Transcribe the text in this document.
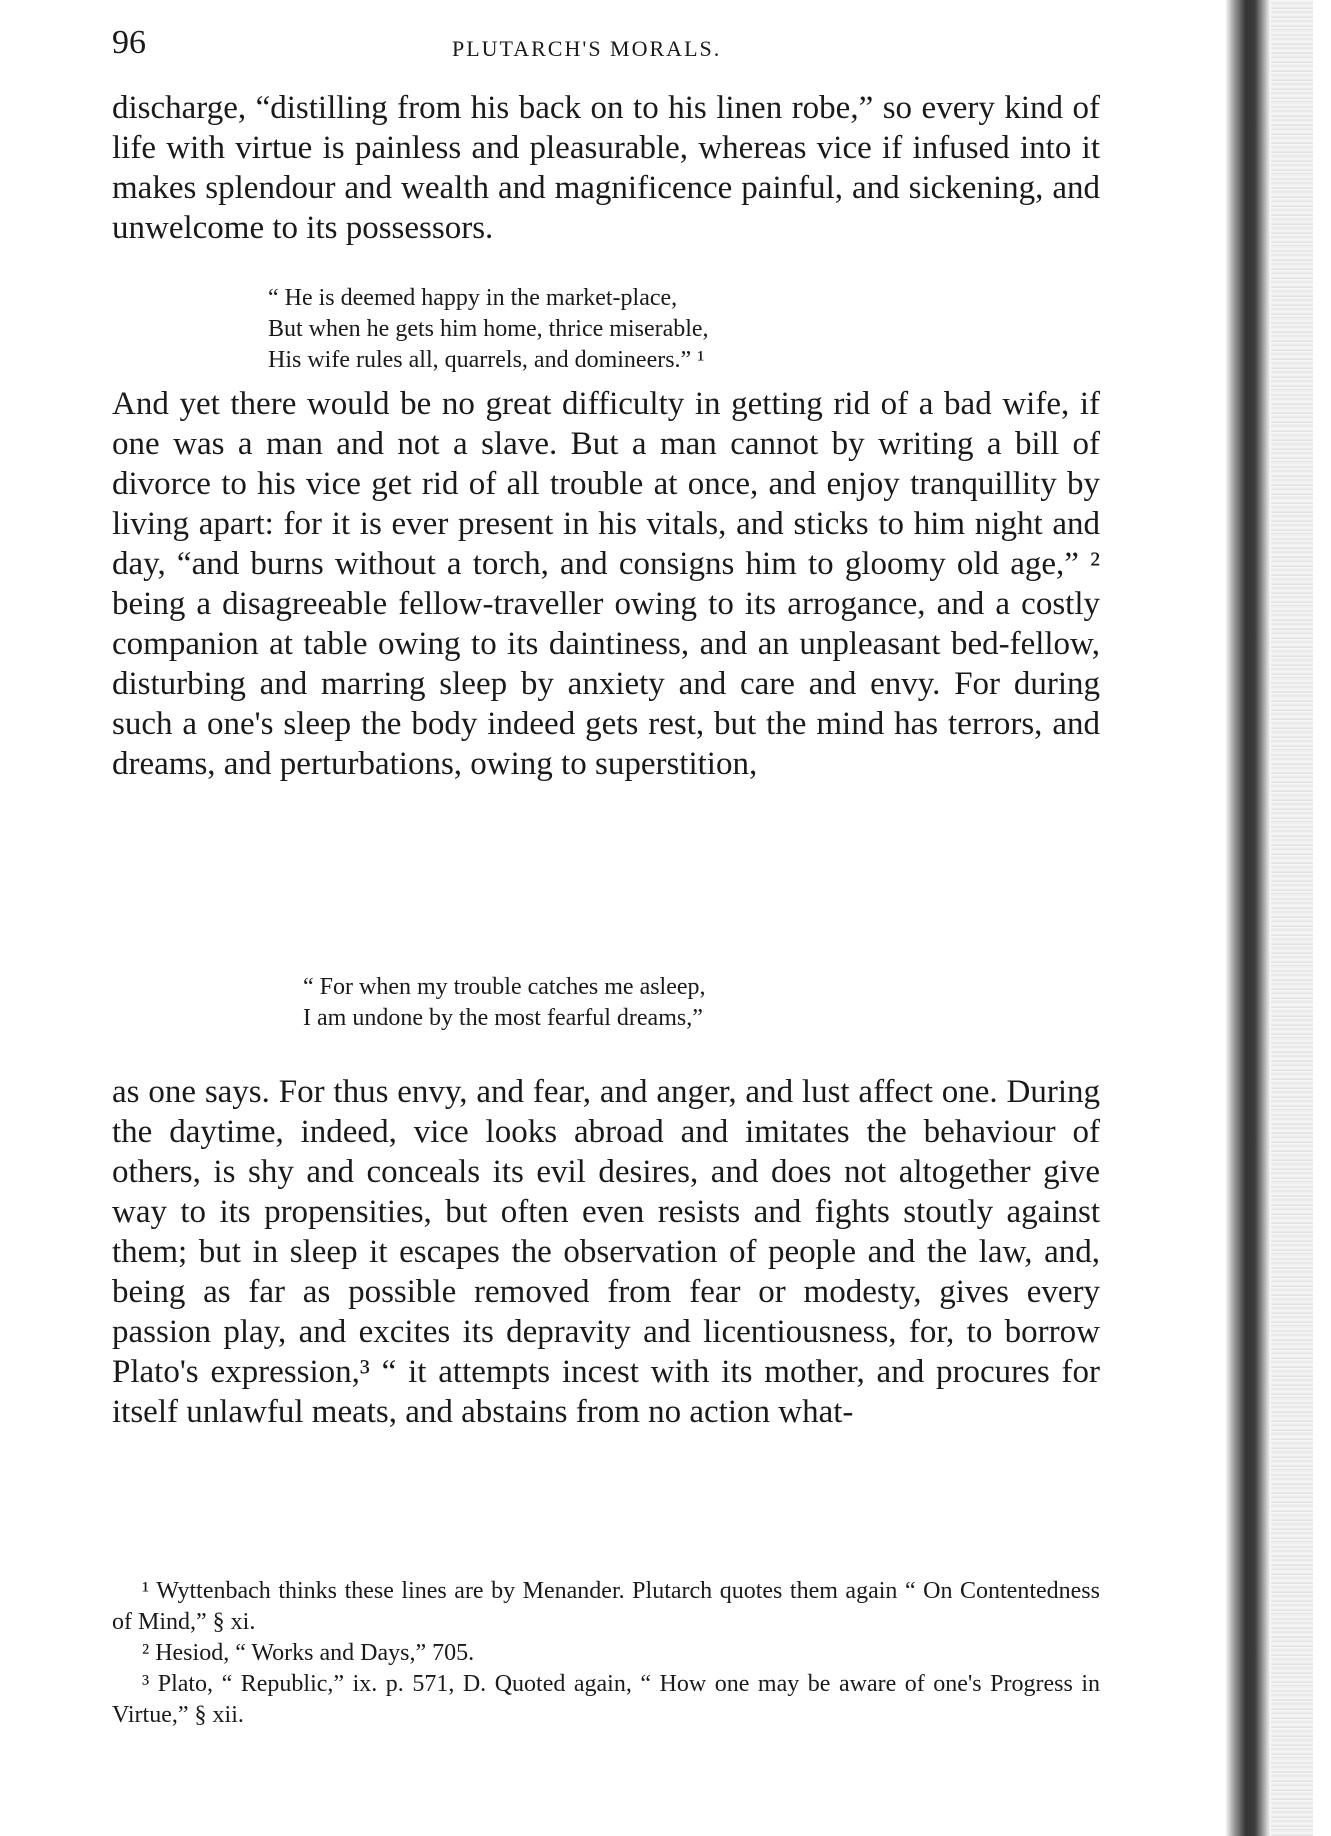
96	PLUTARCH'S MORALS.

discharge, “distilling from his back on to his linen robe,” so every kind of life with virtue is painless and pleasurable, whereas vice if infused into it makes splendour and wealth and magnificence painful, and sickening, and unwelcome to its possessors.

“ He is deemed happy in the market-place,
But when he gets him home, thrice miserable,
His wife rules all, quarrels, and domineers.” ¹

And yet there would be no great difficulty in getting rid of a bad wife, if one was a man and not a slave. But a man cannot by writing a bill of divorce to his vice get rid of all trouble at once, and enjoy tranquillity by living apart: for it is ever present in his vitals, and sticks to him night and day, “and burns without a torch, and consigns him to gloomy old age,” ² being a disagreeable fellow-traveller owing to its arrogance, and a costly companion at table owing to its daintiness, and an unpleasant bed-fellow, disturbing and marring sleep by anxiety and care and envy. For during such a one's sleep the body indeed gets rest, but the mind has terrors, and dreams, and perturbations, owing to superstition,

“ For when my trouble catches me asleep,
I am undone by the most fearful dreams,”

as one says. For thus envy, and fear, and anger, and lust affect one. During the daytime, indeed, vice looks abroad and imitates the behaviour of others, is shy and conceals its evil desires, and does not altogether give way to its propensities, but often even resists and fights stoutly against them; but in sleep it escapes the observation of people and the law, and, being as far as possible removed from fear or modesty, gives every passion play, and excites its depravity and licentiousness, for, to borrow Plato's expression,³ “ it attempts incest with its mother, and procures for itself unlawful meats, and abstains from no action what-

¹ Wyttenbach thinks these lines are by Menander. Plutarch quotes them again “ On Contentedness of Mind,” § xi.

² Hesiod, “ Works and Days,” 705.

³ Plato, “ Republic,” ix. p. 571, D. Quoted again, “ How one may be aware of one's Progress in Virtue,” § xii.
